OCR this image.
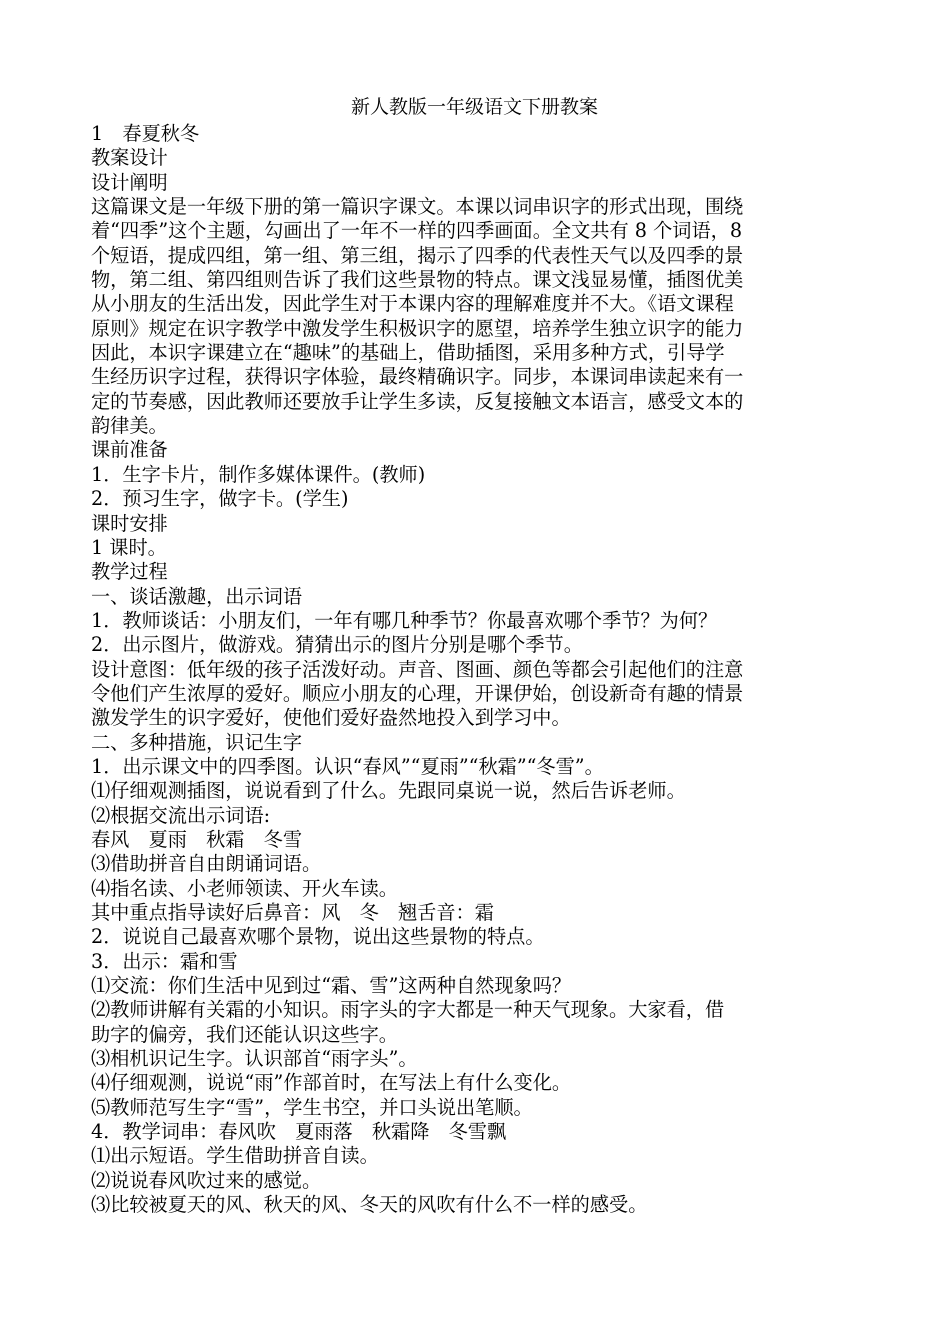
新人教版一年级语文下册教案
1　春夏秋冬
教案设计
设计阐明
这篇课文是一年级下册的第一篇识字课文。本课以词串识字的形式出现，围绕
着“四季”这个主题，勾画出了一年不一样的四季画面。全文共有 8 个词语，8
个短语，提成四组，第一组、第三组，揭示了四季的代表性天气以及四季的景
物，第二组、第四组则告诉了我们这些景物的特点。课文浅显易懂，插图优美
从小朋友的生活出发，因此学生对于本课内容的理解难度并不大。《语文课程
原则》规定在识字教学中激发学生积极识字的愿望，培养学生独立识字的能力
因此，本识字课建立在“趣味”的基础上，借助插图，采用多种方式，引导学
生经历识字过程，获得识字体验，最终精确识字。同步，本课词串读起来有一
定的节奏感，因此教师还要放手让学生多读，反复接触文本语言，感受文本的
韵律美。
课前准备
1．生字卡片，制作多媒体课件。(教师)
2．预习生字，做字卡。(学生)
课时安排
1 课时。
教学过程
一、谈话激趣，出示词语
1．教师谈话：小朋友们，一年有哪几种季节？你最喜欢哪个季节？为何？
2．出示图片，做游戏。猜猜出示的图片分别是哪个季节。
设计意图：低年级的孩子活泼好动。声音、图画、颜色等都会引起他们的注意
令他们产生浓厚的爱好。顺应小朋友的心理，开课伊始，创设新奇有趣的情景
激发学生的识字爱好，使他们爱好盎然地投入到学习中。
二、多种措施，识记生字
1．出示课文中的四季图。认识“春风”“夏雨”“秋霜”“冬雪”。
⑴仔细观测插图，说说看到了什么。先跟同桌说一说，然后告诉老师。
⑵根据交流出示词语:
春风　夏雨　秋霜　冬雪
⑶借助拼音自由朗诵词语。
⑷指名读、小老师领读、开火车读。
其中重点指导读好后鼻音：风　冬　翘舌音：霜
2．说说自己最喜欢哪个景物，说出这些景物的特点。
3．出示：霜和雪
⑴交流：你们生活中见到过“霜、雪”这两种自然现象吗？
⑵教师讲解有关霜的小知识。雨字头的字大都是一种天气现象。大家看，借
助字的偏旁，我们还能认识这些字。
⑶相机识记生字。认识部首“雨字头”。
⑷仔细观测，说说“雨”作部首时，在写法上有什么变化。
⑸教师范写生字“雪”，学生书空，并口头说出笔顺。
4．教学词串：春风吹　夏雨落　秋霜降　冬雪飘
⑴出示短语。学生借助拼音自读。
⑵说说春风吹过来的感觉。
⑶比较被夏天的风、秋天的风、冬天的风吹有什么不一样的感受。
